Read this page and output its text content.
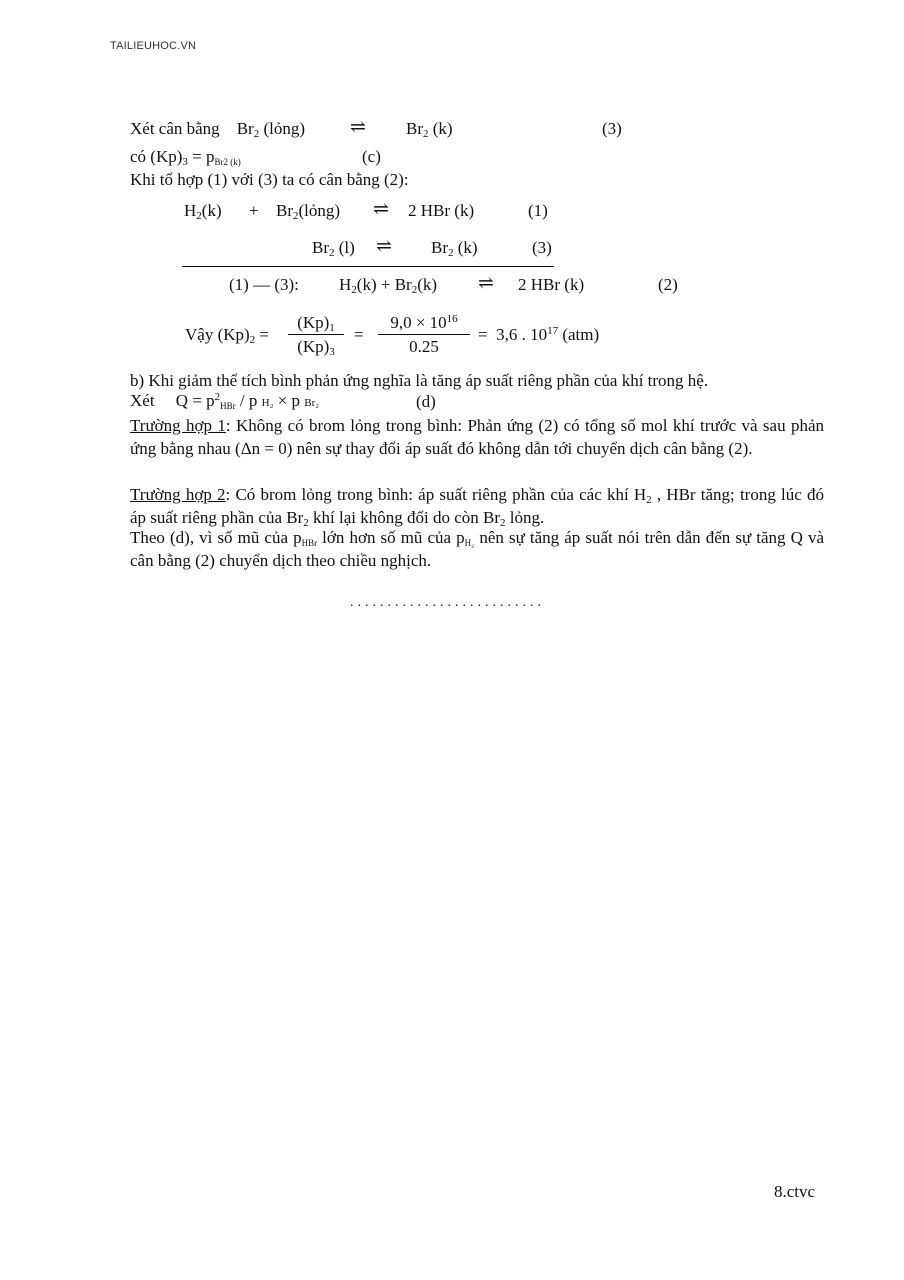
TAILIEUHOC.VN
Xét cân bằng $Br_2$ (lỏng) ⇌ $Br_2$ (k)	(3)
có $(Kp)_3 = p_{Br2 (k)}$	(c)
Khi tổ hợp (1) với (3) ta có cân bằng (2):
$H_2(k)$ + $Br_2(lỏng)$ ⇌ 2 HBr (k)	(1)
$Br_2$ (l) ⇌ $Br_2$ (k)	(3)
(1) — (3): $H_2(k) + Br_2(k)$ ⇌ 2 HBr (k)	(2)
Vậy $(Kp)_2$ =
$(Kp)_1$
$(Kp)_3$
=
$9,0 \times 10^{16}$
0.25
= 3,6 . $10^{17}$ (atm)
b) Khi giảm thể tích bình phản ứng nghĩa là tăng áp suất riêng phần của khí trong hệ.
Xét $Q = p^2_{HBr} / p$ H₂ × p Br₂	(d)
Trường hợp 1: Không có brom lỏng trong bình: Phản ứng (2) có tổng số mol khí trước và sau phản ứng bằng nhau (Δn = 0) nên sự thay đổi áp suất đó không dẫn tới chuyển dịch cân bằng (2).
Trường hợp 2: Có brom lỏng trong bình: áp suất riêng phần của các khí $H_2$ , HBr tăng; trong lúc đó áp suất riêng phần của $Br_2$ khí lại không đổi do còn $Br_2$ lỏng.
Theo (d), vì số mũ của $p_{HBr}$ lớn hơn số mũ của $p_{H_2}$ nên sự tăng áp suất nói trên dẫn đến sự tăng Q và cân bằng (2) chuyển dịch theo chiều nghịch.
..........................
8.ctvc
